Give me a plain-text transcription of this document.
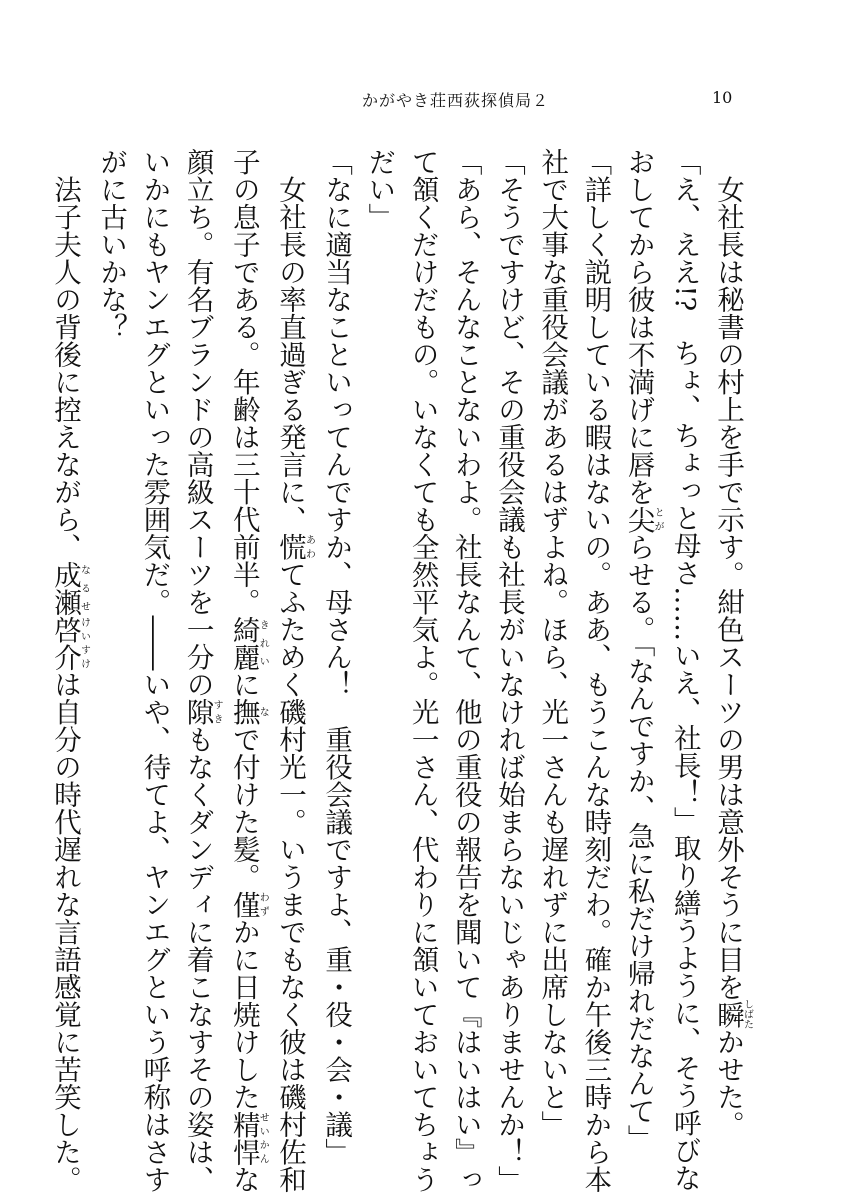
かがやき荘西荻探偵局２	10
　女社長は秘書の村上を手で示す。紺色スーツの男は意外そうに目を瞬しばたかせた。
「え、ええ!?　ちょ、ちょっと母さ……いえ、社長！」取り繕うように、そう呼びな
おしてから彼は不満げに唇を尖とがらせる。「なんですか、急に私だけ帰れだなんて」
「詳しく説明している暇はないの。ああ、もうこんな時刻だわ。確か午後三時から本
社で大事な重役会議があるはずよね。ほら、光一さんも遅れずに出席しないと」
「そうですけど、その重役会議も社長がいなければ始まらないじゃありませんか！」
「あら、そんなことないわよ。社長なんて、他の重役の報告を聞いて『はいはい』っ
て頷くだけだもの。いなくても全然平気よ。光一さん、代わりに頷いておいてちょう
だい」
「なに適当なこといってんですか、母さん！　重役会議ですよ、重・役・会・議」
　女社長の率直過ぎる発言に、慌あわてふためく磯村光一。いうまでもなく彼は磯村佐和
子の息子である。年齢は三十代前半。綺麗きれいに撫なで付けた髪。僅わずかに日焼けした精悍せいかんな
顔立ち。有名ブランドの高級スーツを一分の隙すきもなくダンディに着こなすその姿は、
いかにもヤンエグといった雰囲気だ。――いや、待てよ、ヤンエグという呼称はさす
がに古いかな？
　法子夫人の背後に控えながら、成瀬なるせ啓介けいすけは自分の時代遅れな言語感覚に苦笑した。
